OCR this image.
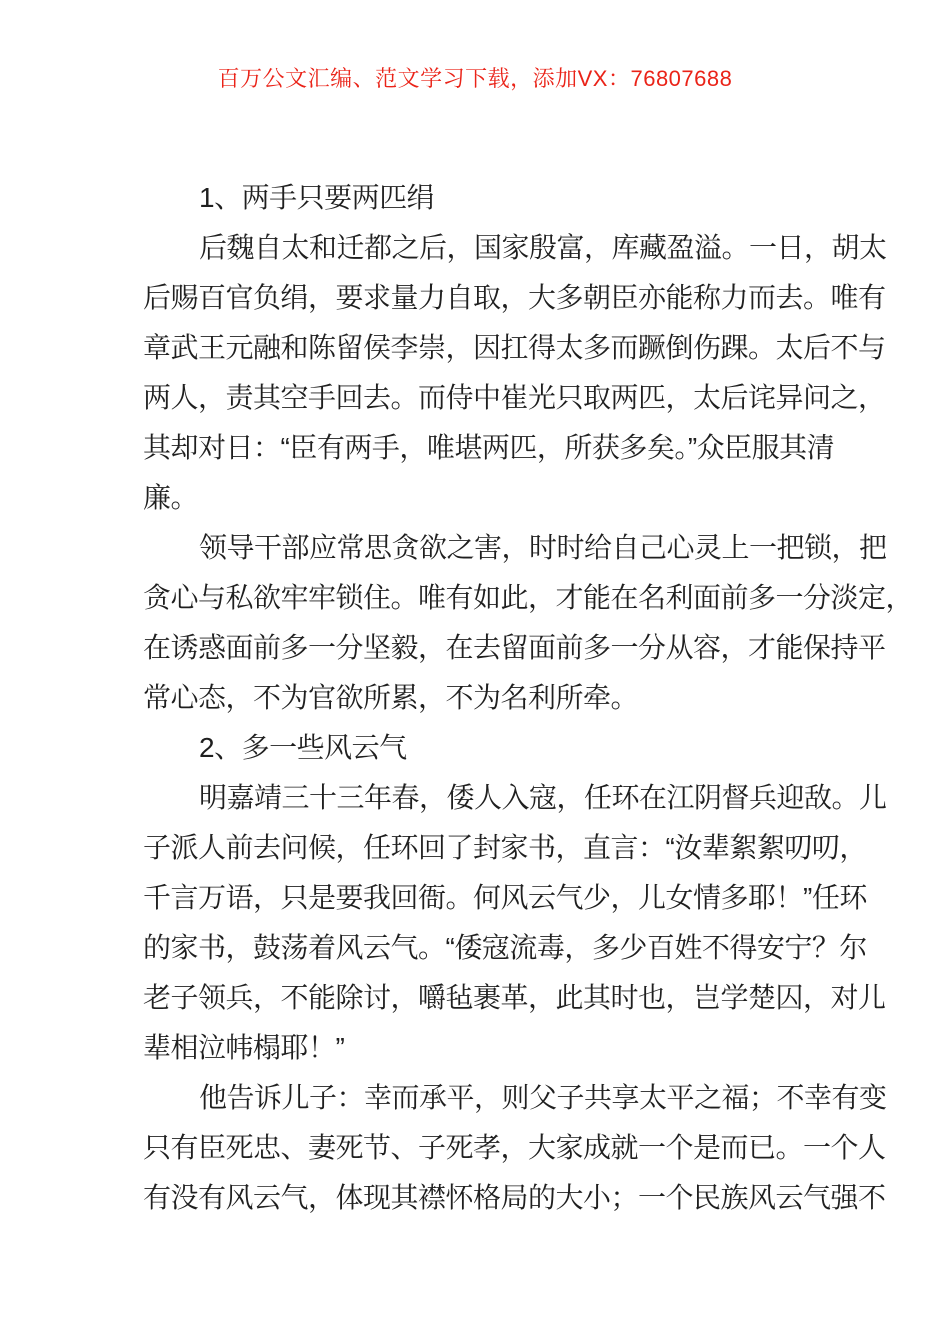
百万公文汇编、范文学习下载，添加VX：76807688
1、两手只要两匹绢
后魏自太和迁都之后，国家殷富，库藏盈溢。一日，胡太
后赐百官负绢，要求量力自取，大多朝臣亦能称力而去。唯有
章武王元融和陈留侯李崇，因扛得太多而蹶倒伤踝。太后不与
两人，责其空手回去。而侍中崔光只取两匹，太后诧异问之，
其却对日：“臣有两手，唯堪两匹，所获多矣。”众臣服其清
廉。
领导干部应常思贪欲之害，时时给自己心灵上一把锁，把
贪心与私欲牢牢锁住。唯有如此，才能在名利面前多一分淡定，
在诱惑面前多一分坚毅，在去留面前多一分从容，才能保持平
常心态，不为官欲所累，不为名利所牵。
2、多一些风云气
明嘉靖三十三年春，倭人入寇，任环在江阴督兵迎敌。儿
子派人前去问候，任环回了封家书，直言：“汝辈絮絮叨叨，
千言万语，只是要我回衙。何风云气少，儿女情多耶！”任环
的家书，鼓荡着风云气。“倭寇流毒，多少百姓不得安宁？尔
老子领兵，不能除讨，嚼毡裹革，此其时也，岂学楚囚，对儿
辈相泣帏榻耶！”
他告诉儿子：幸而承平，则父子共享太平之福；不幸有变
只有臣死忠、妻死节、子死孝，大家成就一个是而已。一个人
有没有风云气，体现其襟怀格局的大小；一个民族风云气强不
